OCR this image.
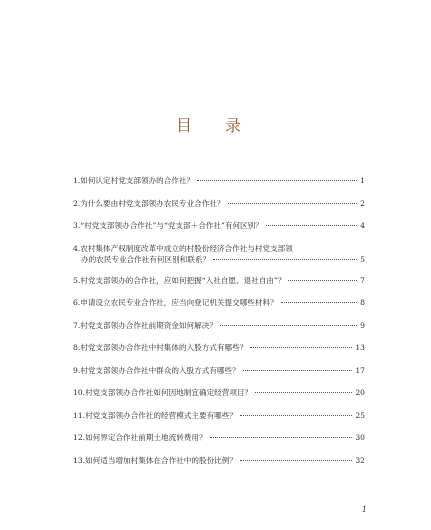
目 录
1. 如何认定村党支部领办的合作社？	1
2. 为什么要由村党支部领办农民专业合作社？	2
3. “村党支部领办合作社”与“党支部＋合作社”有何区别？	4
4. 农村集体产权制度改革中成立的村股份经济合作社与村党支部领
办的农民专业合作社有何区别和联系？	5
5. 村党支部领办的合作社，应如何把握“入社自愿、退社自由”？	7
6. 申请设立农民专业合作社，应当向登记机关提交哪些材料？	8
7. 村党支部领办合作社前期资金如何解决？	9
8. 村党支部领办合作社中村集体的入股方式有哪些？	13
9. 村党支部领办合作社中群众的入股方式有哪些？	17
10. 村党支部领办合作社如何因地制宜确定经营项目？	20
11. 村党支部领办合作社的经营模式主要有哪些？	25
12. 如何界定合作社前期土地流转费用？	30
13. 如何适当增加村集体在合作社中的股份比例？	32
1
